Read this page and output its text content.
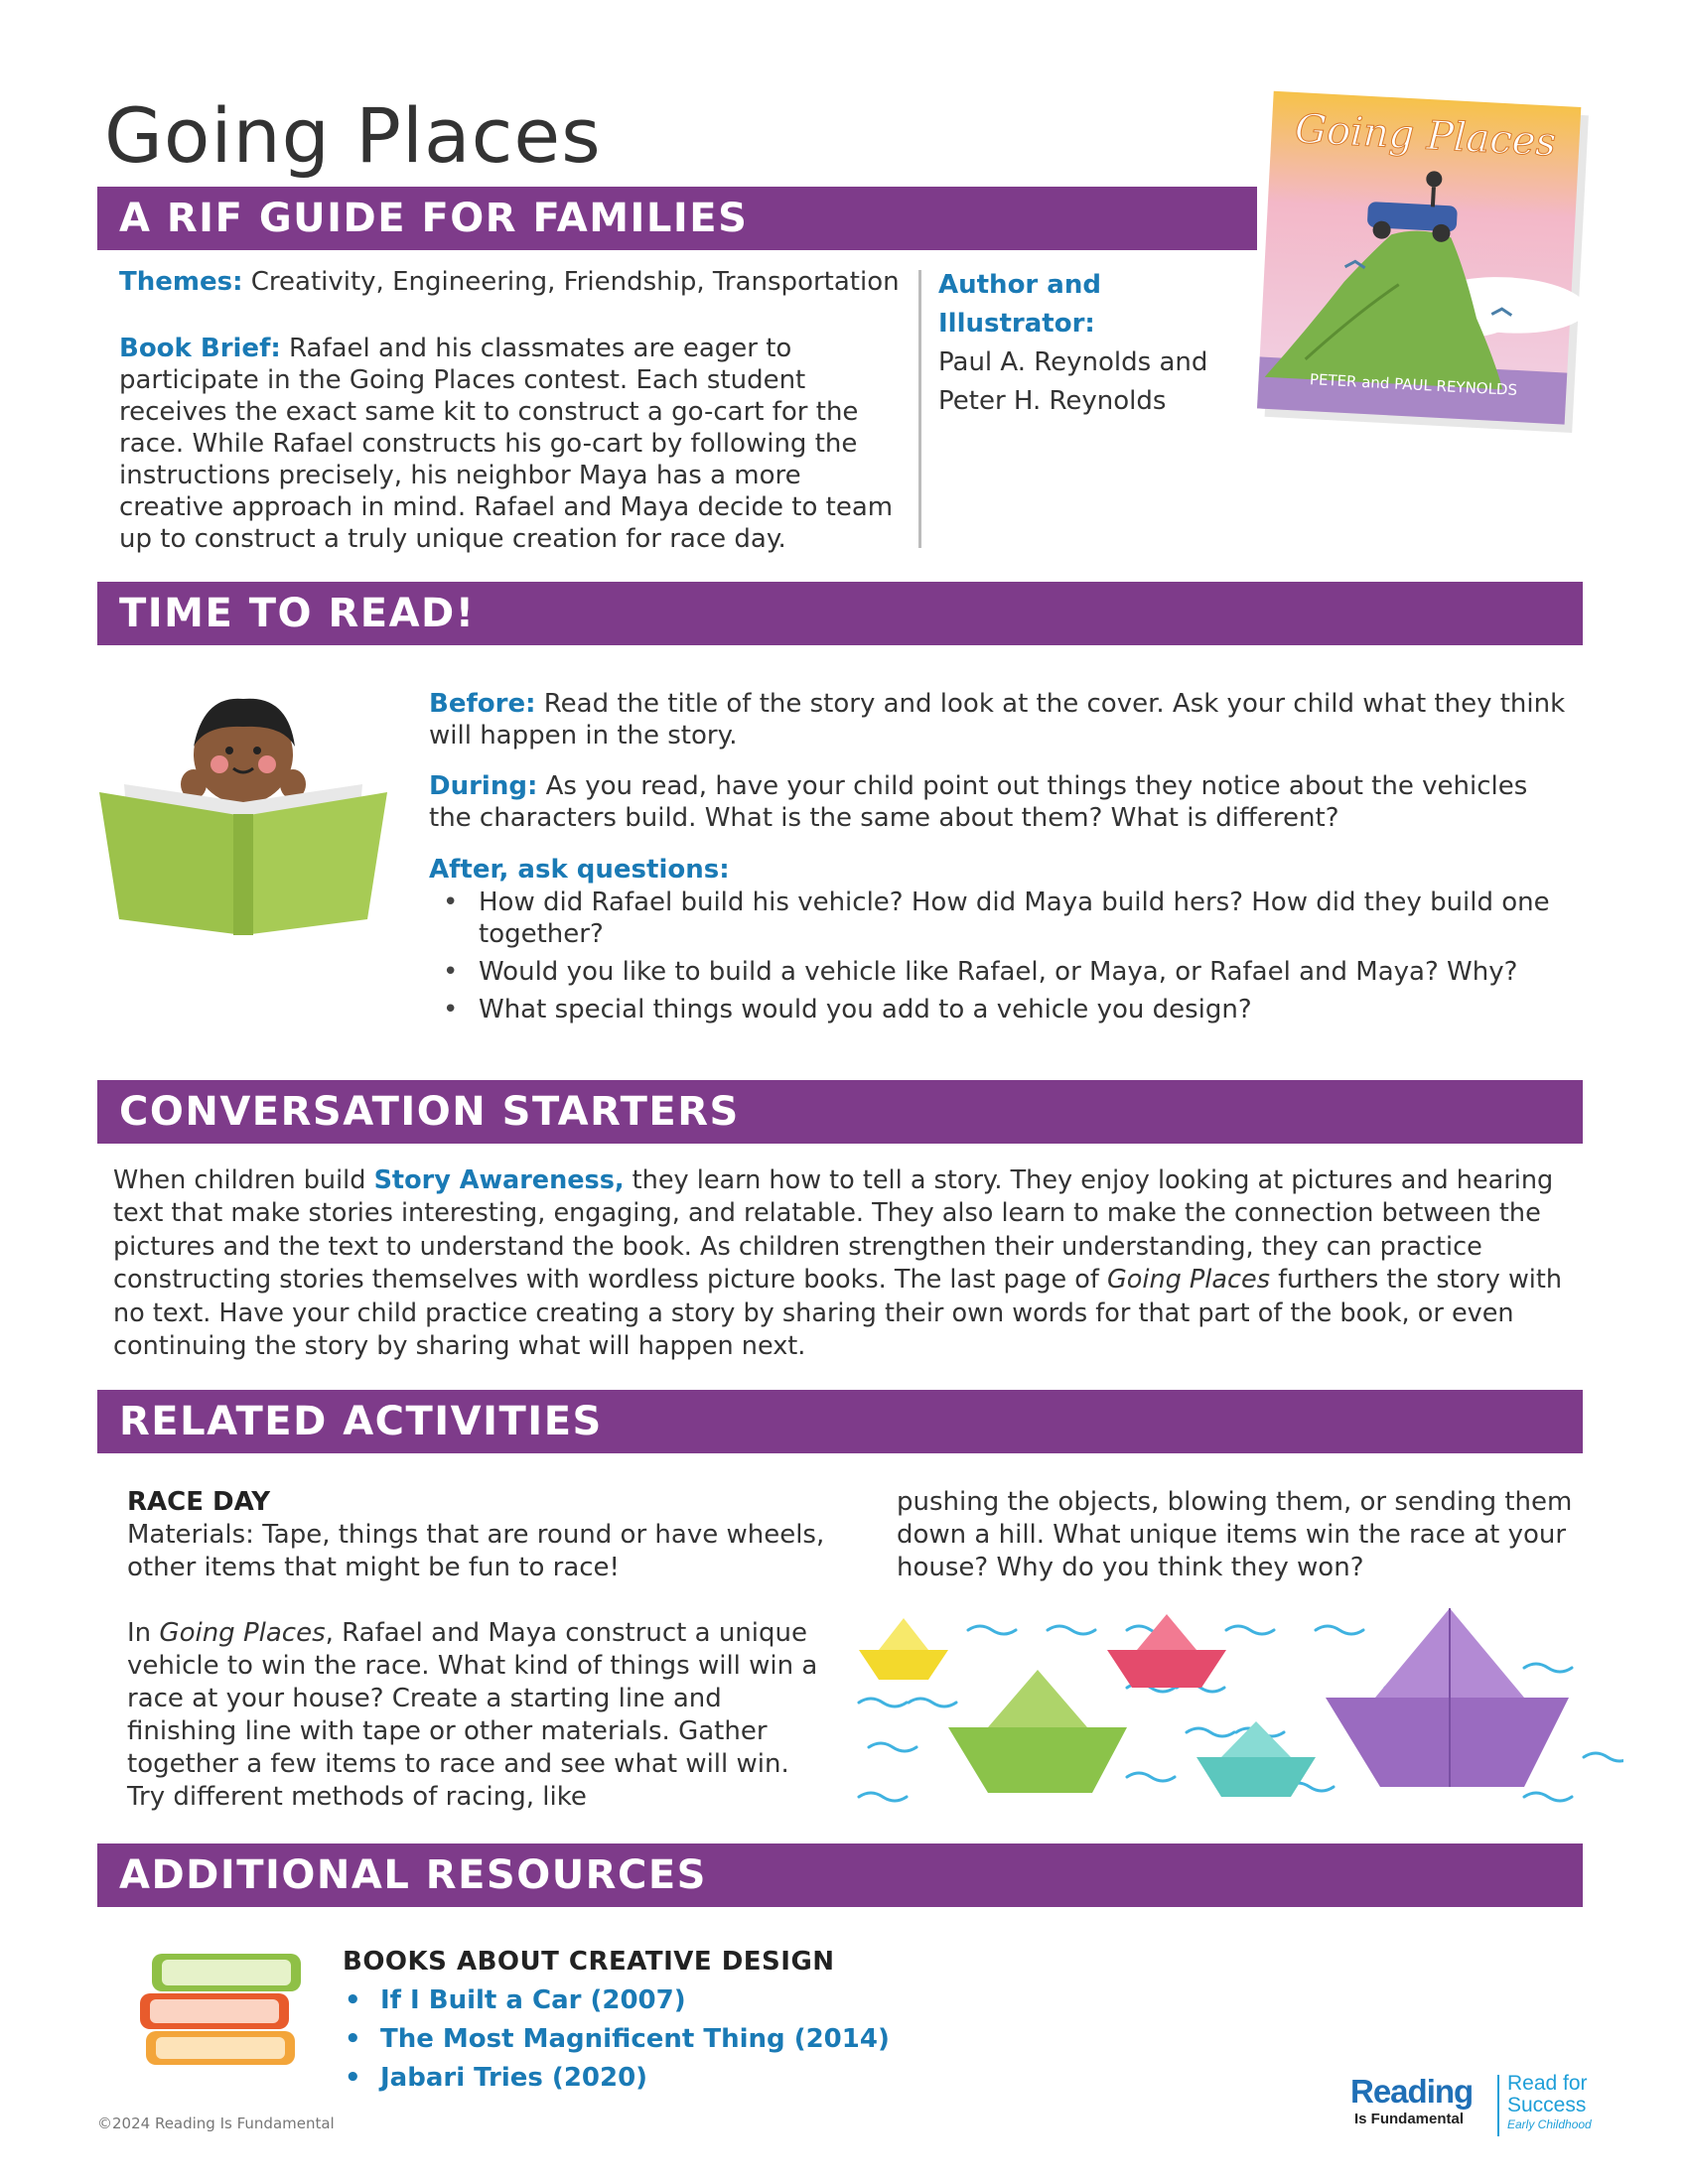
Going Places	Going Places
PETER and PAUL REYNOLDS
A RIF GUIDE FOR FAMILIES
Themes: Creativity, Engineering, Friendship, Transportation
Book Brief: Rafael and his classmates are eager to participate in the Going Places contest. Each student receives the exact same kit to construct a go-cart for the race. While Rafael constructs his go-cart by following the instructions precisely, his neighbor Maya has a more creative approach in mind. Rafael and Maya decide to team up to construct a truly unique creation for race day.
Author and Illustrator:
Paul A. Reynolds and
Peter H. Reynolds
TIME TO READ!
Before: Read the title of the story and look at the cover. Ask your child what they think will happen in the story.
During: As you read, have your child point out things they notice about the vehicles the characters build. What is the same about them? What is different?
After, ask questions:
• How did Rafael build his vehicle? How did Maya build hers? How did they build one together?
• Would you like to build a vehicle like Rafael, or Maya, or Rafael and Maya? Why?
• What special things would you add to a vehicle you design?
CONVERSATION STARTERS
When children build Story Awareness, they learn how to tell a story. They enjoy looking at pictures and hearing text that make stories interesting, engaging, and relatable. They also learn to make the connection between the pictures and the text to understand the book. As children strengthen their understanding, they can practice constructing stories themselves with wordless picture books. The last page of Going Places furthers the story with no text. Have your child practice creating a story by sharing their own words for that part of the book, or even continuing the story by sharing what will happen next.
RELATED ACTIVITIES
RACE DAY
Materials: Tape, things that are round or have wheels, other items that might be fun to race!
In Going Places, Rafael and Maya construct a unique vehicle to win the race. What kind of things will win a race at your house? Create a starting line and finishing line with tape or other materials. Gather together a few items to race and see what will win. Try different methods of racing, like
pushing the objects, blowing them, or sending them down a hill. What unique items win the race at your house? Why do you think they won?
ADDITIONAL RESOURCES
BOOKS ABOUT CREATIVE DESIGN
• If I Built a Car (2007)
• The Most Magnificent Thing (2014)
• Jabari Tries (2020)
©2024 Reading Is Fundamental
Reading
Is Fundamental
Read for
Success
Early Childhood
